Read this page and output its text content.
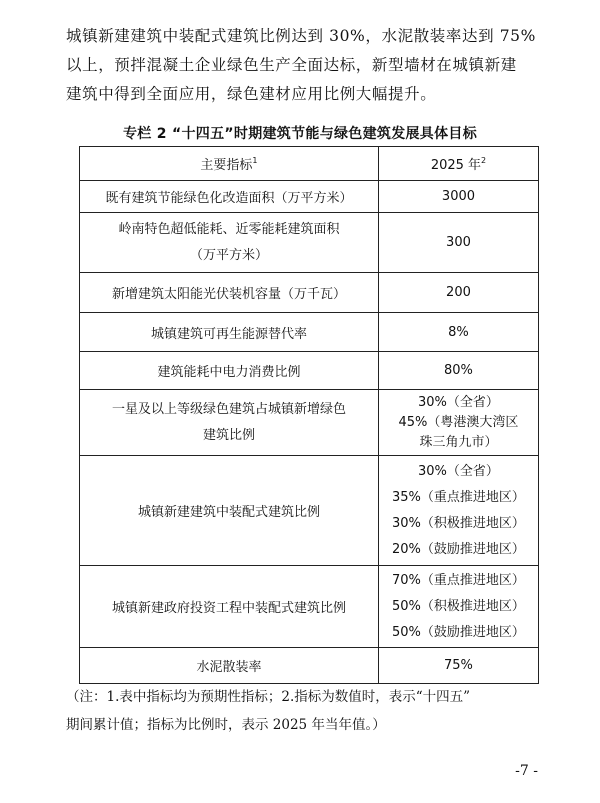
城镇新建建筑中装配式建筑比例达到 30%，水泥散装率达到 75%
以上，预拌混凝土企业绿色生产全面达标，新型墙材在城镇新建
建筑中得到全面应用，绿色建材应用比例大幅提升。
专栏 2 “十四五”时期建筑节能与绿色建筑发展具体目标
主要指标$^1$	2025 年$^2$
既有建筑节能绿色化改造面积（万平方米）	3000

岭南特色超低能耗、近零能耗建筑面积
（万平方米）	300
新增建筑太阳能光伏装机容量（万千瓦）	200
城镇建筑可再生能源替代率	8%
建筑能耗中电力消费比例	80%

一星及以上等级绿色建筑占城镇新增绿色
建筑比例	30%（全省）
45%（粤港澳大湾区
珠三角九市）

城镇新建建筑中装配式建筑比例	30%（全省）
35%（重点推进地区）
30%（积极推进地区）
20%（鼓励推进地区）

城镇新建政府投资工程中装配式建筑比例	70%（重点推进地区）
50%（积极推进地区）
50%（鼓励推进地区）

水泥散装率	75%
（注：1.表中指标均为预期性指标；2.指标为数值时，表示“十四五”
期间累计值；指标为比例时，表示 2025 年当年值。）
-7 -
